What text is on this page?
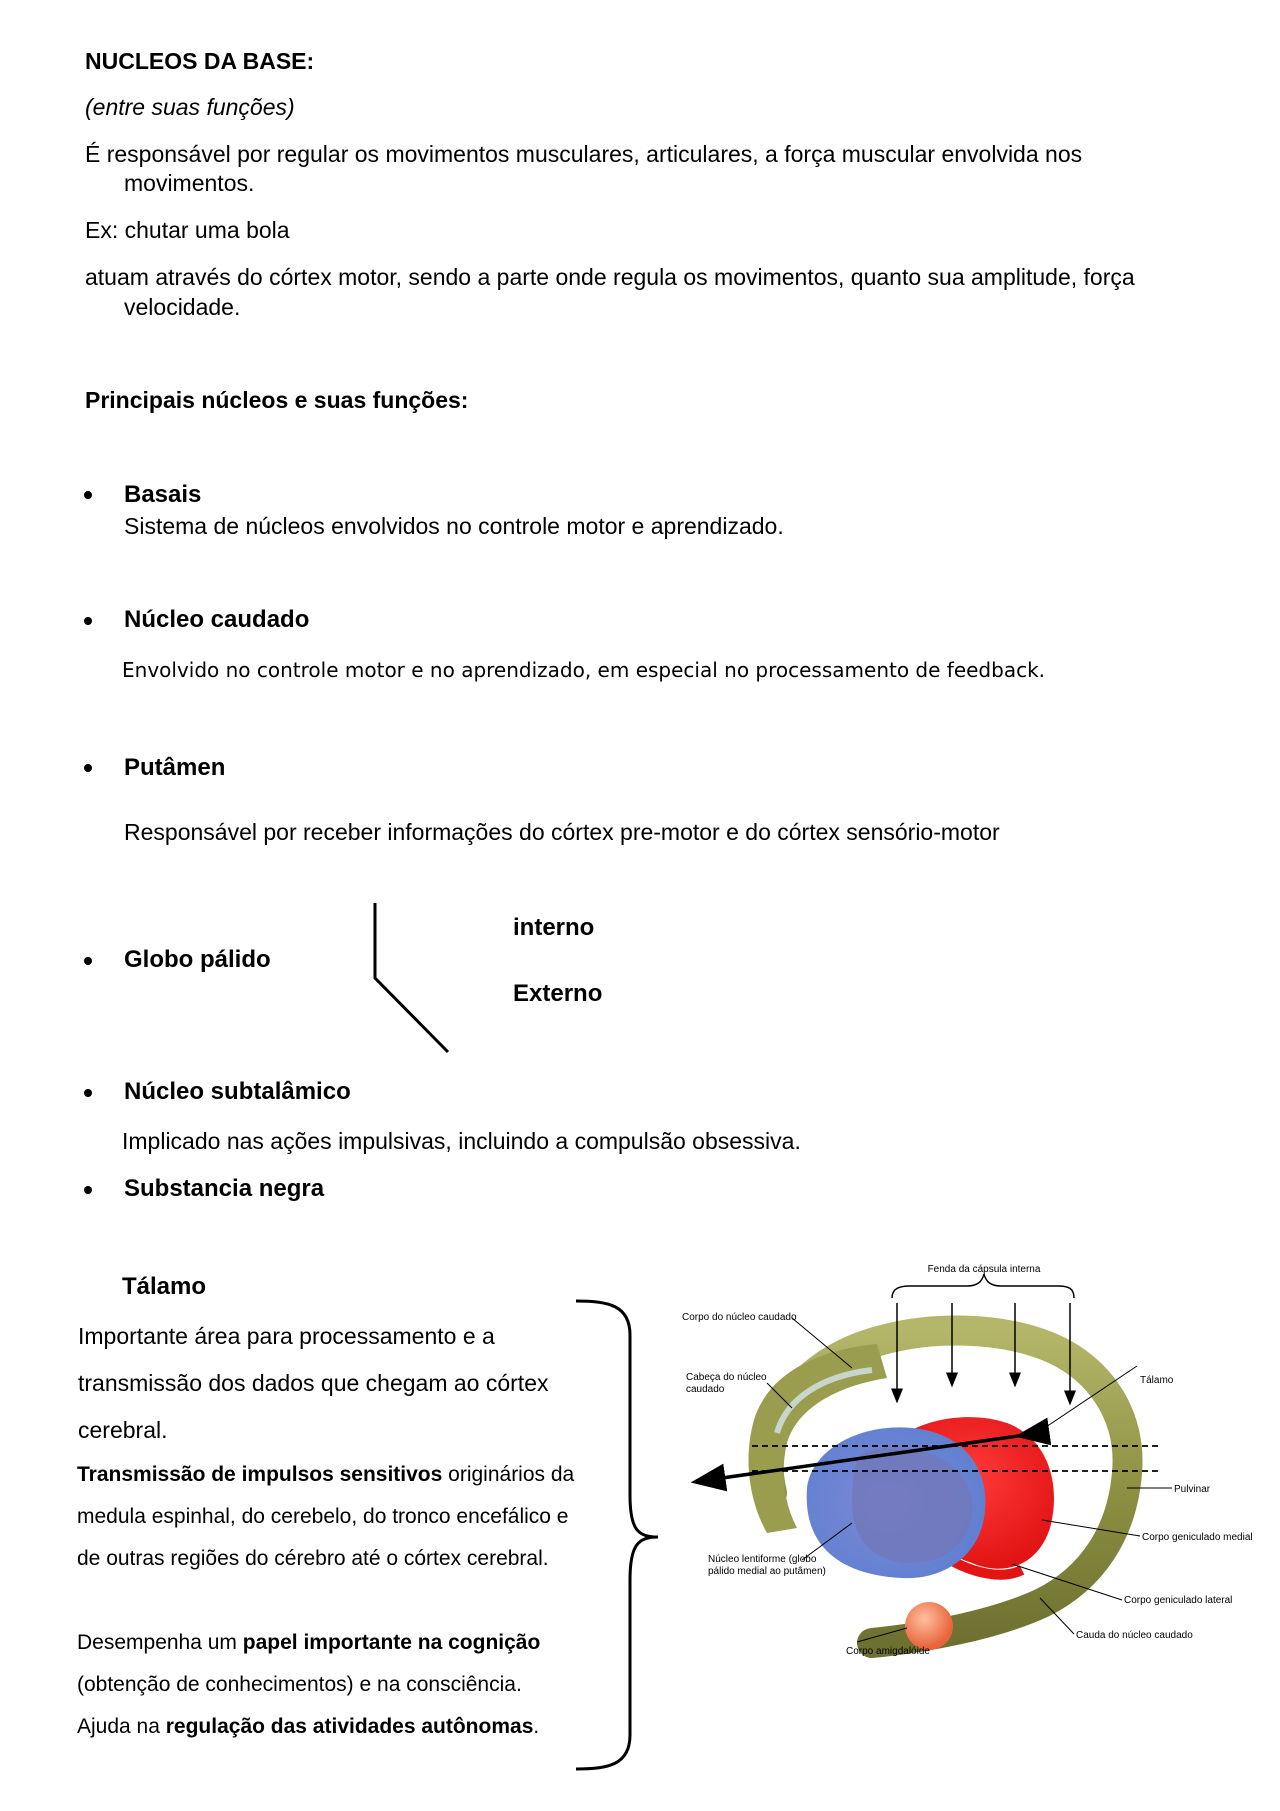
NUCLEOS DA BASE:
(entre suas funções)
É responsável por regular os movimentos musculares, articulares, a força muscular envolvida nos
movimentos.
Ex: chutar uma bola
atuam através do córtex motor, sendo a parte onde regula os movimentos, quanto sua amplitude, força
velocidade.
Principais núcleos e suas funções:
Basais
Sistema de núcleos envolvidos no controle motor e aprendizado.
Núcleo caudado
Envolvido no controle motor e no aprendizado, em especial no processamento de feedback.
Putâmen
Responsável por receber informações do córtex pre-motor e do córtex sensório-motor
Globo pálido
interno
Externo
Núcleo subtalâmico
Implicado nas ações impulsivas, incluindo a compulsão obsessiva.
Substancia negra
Tálamo
Importante área para processamento e a
transmissão dos dados que chegam ao córtex
cerebral.
Transmissão de impulsos sensitivos originários da
medula espinhal, do cerebelo, do tronco encefálico e
de outras regiões do cérebro até o córtex cerebral.
Desempenha um papel importante na cognição
(obtenção de conhecimentos) e na consciência.
Ajuda na regulação das atividades autônomas.
Fenda da cápsula interna
Corpo do núcleo caudado
Cabeça do núcleo
caudado
Tálamo
Pulvinar
Corpo geniculado medial
Núcleo lentiforme (globo
pálido medial ao putâmen)
Corpo geniculado lateral
Cauda do núcleo caudado
Corpo amigdalóide
